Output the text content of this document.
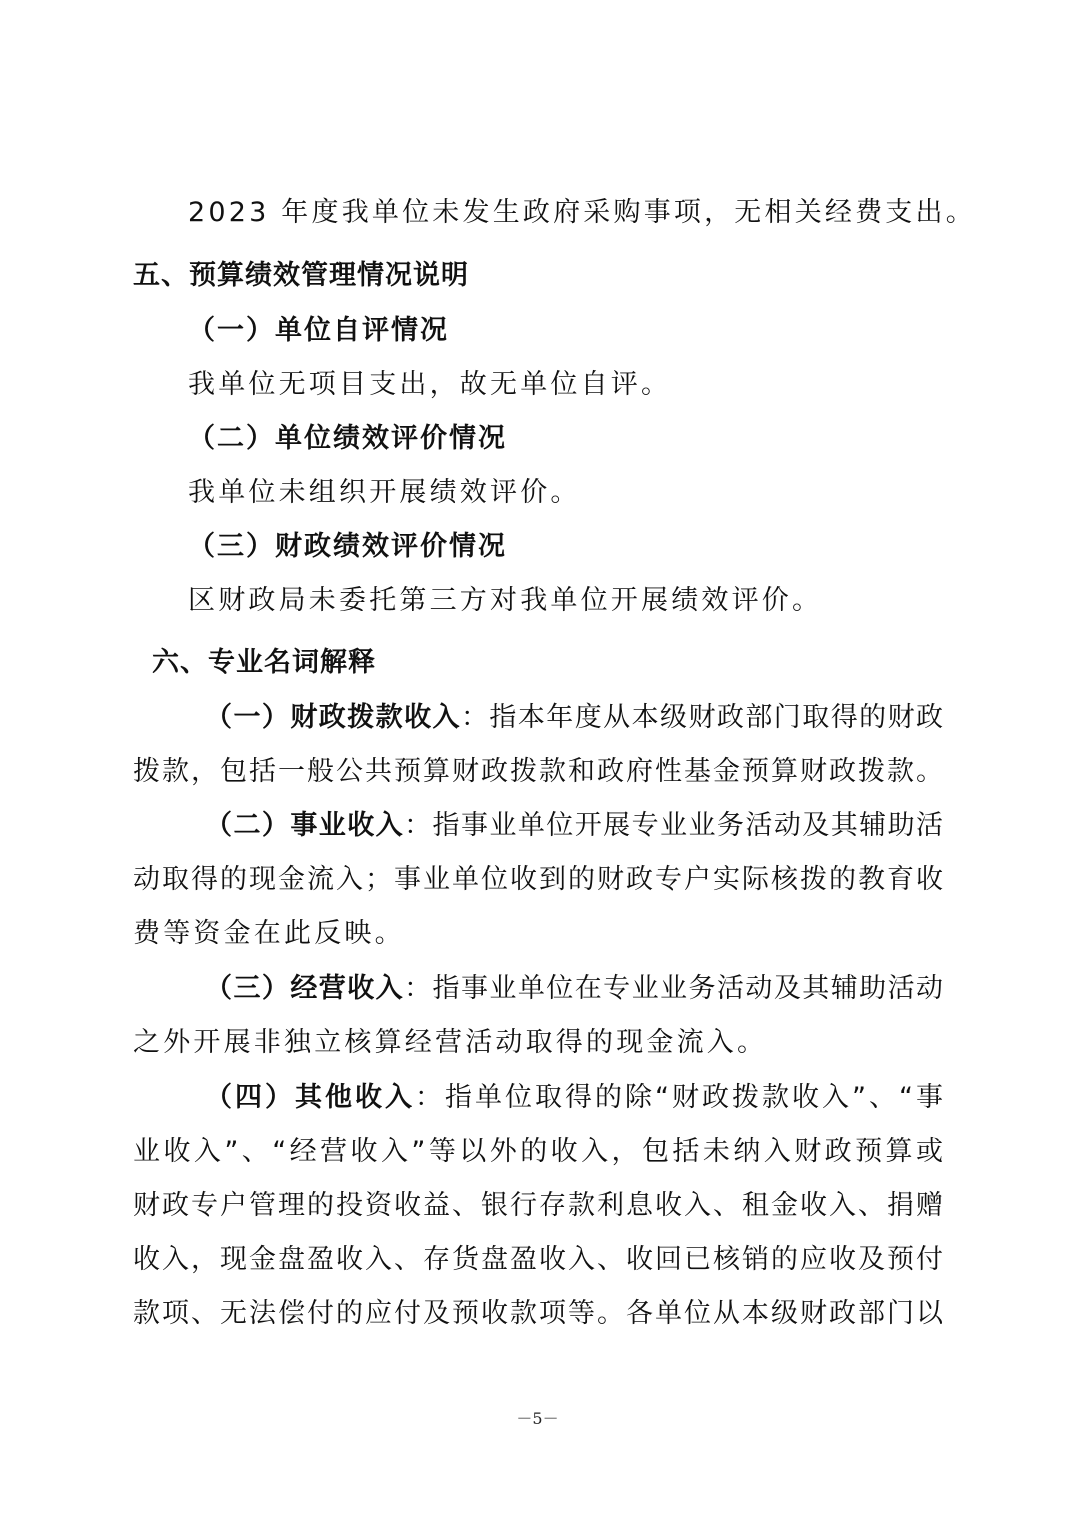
2023 年度我单位未发生政府采购事项，无相关经费支出。
五、预算绩效管理情况说明
（一）单位自评情况
我单位无项目支出，故无单位自评。
（二）单位绩效评价情况
我单位未组织开展绩效评价。
（三）财政绩效评价情况
区财政局未委托第三方对我单位开展绩效评价。
六、专业名词解释
（一）财政拨款收入：指本年度从本级财政部门取得的财政
拨款，包括一般公共预算财政拨款和政府性基金预算财政拨款。
（二）事业收入：指事业单位开展专业业务活动及其辅助活
动取得的现金流入；事业单位收到的财政专户实际核拨的教育收
费等资金在此反映。
（三）经营收入：指事业单位在专业业务活动及其辅助活动
之外开展非独立核算经营活动取得的现金流入。
（四）其他收入：指单位取得的除“财政拨款收入”、“事
业收入”、“经营收入”等以外的收入，包括未纳入财政预算或
财政专户管理的投资收益、银行存款利息收入、租金收入、捐赠
收入，现金盘盈收入、存货盘盈收入、收回已核销的应收及预付
款项、无法偿付的应付及预收款项等。各单位从本级财政部门以
－5－
